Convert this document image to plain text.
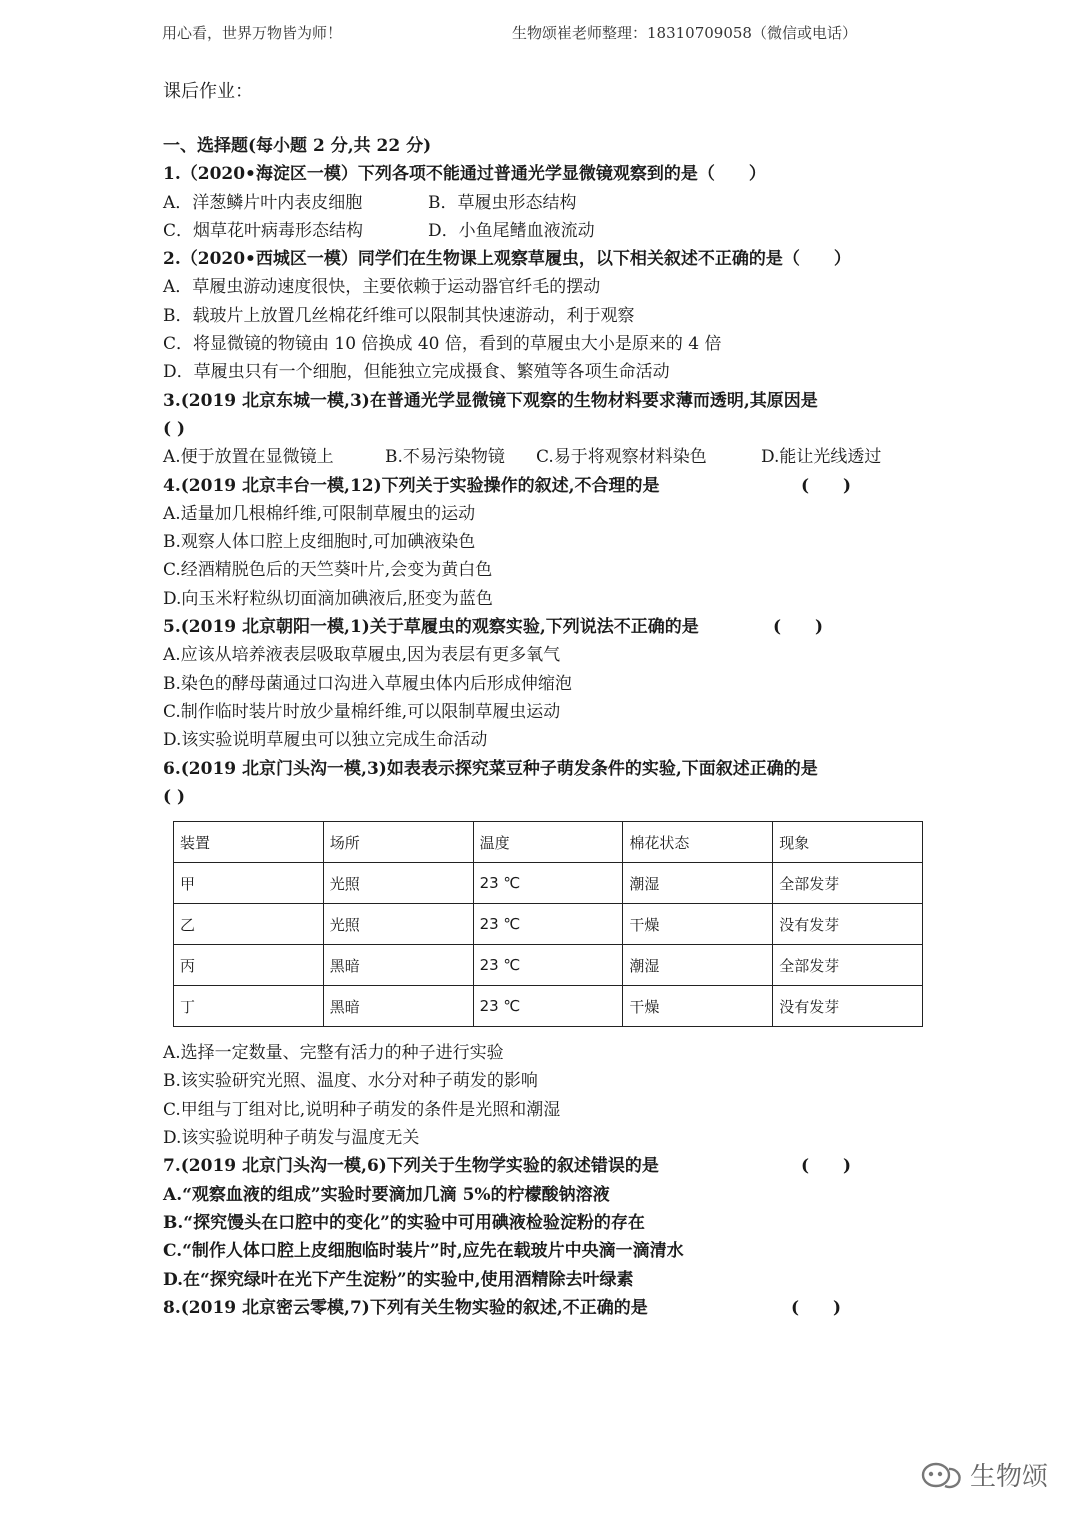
用心看，世界万物皆为师！	生物颂崔老师整理：18310709058（微信或电话）
课后作业：
一、选择题(每小题 2 分,共 22 分)
1.（2020•海淀区一模）下列各项不能通过普通光学显微镜观察到的是（　　）
A．洋葱鳞片叶内表皮细胞	B．草履虫形态结构
C．烟草花叶病毒形态结构	D．小鱼尾鳍血液流动
2.（2020•西城区一模）同学们在生物课上观察草履虫，以下相关叙述不正确的是（　　）
A．草履虫游动速度很快，主要依赖于运动器官纤毛的摆动
B．载玻片上放置几丝棉花纤维可以限制其快速游动，利于观察
C．将显微镜的物镜由 10 倍换成 40 倍，看到的草履虫大小是原来的 4 倍
D．草履虫只有一个细胞，但能独立完成摄食、繁殖等各项生命活动
3.(2019 北京东城一模,3)在普通光学显微镜下观察的生物材料要求薄而透明,其原因是
( )
A.便于放置在显微镜上	B.不易污染物镜 C.易于将观察材料染色	D.能让光线透过
4.(2019 北京丰台一模,12)下列关于实验操作的叙述,不合理的是	(　　)
A.适量加几根棉纤维,可限制草履虫的运动
B.观察人体口腔上皮细胞时,可加碘液染色
C.经酒精脱色后的天竺葵叶片,会变为黄白色
D.向玉米籽粒纵切面滴加碘液后,胚变为蓝色
5.(2019 北京朝阳一模,1)关于草履虫的观察实验,下列说法不正确的是	(　　)
A.应该从培养液表层吸取草履虫,因为表层有更多氧气
B.染色的酵母菌通过口沟进入草履虫体内后形成伸缩泡
C.制作临时装片时放少量棉纤维,可以限制草履虫运动
D.该实验说明草履虫可以独立完成生命活动
6.(2019 北京门头沟一模,3)如表表示探究菜豆种子萌发条件的实验,下面叙述正确的是
( )
装置	场所	温度	棉花状态	现象
甲	光照	23 ℃	潮湿	全部发芽
乙	光照	23 ℃	干燥	没有发芽
丙	黑暗	23 ℃	潮湿	全部发芽
丁	黑暗	23 ℃	干燥	没有发芽
A.选择一定数量、完整有活力的种子进行实验
B.该实验研究光照、温度、水分对种子萌发的影响
C.甲组与丁组对比,说明种子萌发的条件是光照和潮湿
D.该实验说明种子萌发与温度无关
7.(2019 北京门头沟一模,6)下列关于生物学实验的叙述错误的是	(　　)
A.“观察血液的组成”实验时要滴加几滴 5%的柠檬酸钠溶液
B.“探究馒头在口腔中的变化”的实验中可用碘液检验淀粉的存在
C.“制作人体口腔上皮细胞临时装片”时,应先在载玻片中央滴一滴清水
D.在“探究绿叶在光下产生淀粉”的实验中,使用酒精除去叶绿素
8.(2019 北京密云零模,7)下列有关生物实验的叙述,不正确的是	(　　)
生物颂
